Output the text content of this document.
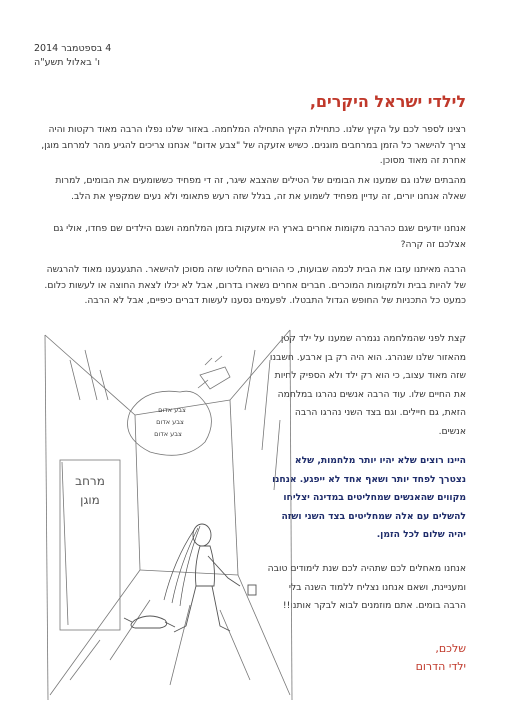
4 בספטמבר 2014
ו' באלול תשע"ה
לילדי ישראל היקרים,
רצינו לספר לכם על הקיץ שלנו. כתחילת הקיץ התחילה המלחמה. באזור שלנו נפלו הרבה מאוד רקטות והיה צריך להישאר כל הזמן במרחבים מוגנים. כשיש אזעקה של "צבע אדום" אנחנו צריכים להגיע מהר למרחב מוגן, אחרת זה מאוד מסוכן.
מהבתים שלנו גם שמענו את הבומים של הטילים שהצבא שיגר, זה די מפחיד כששומעים את הבומים, למרות שאלה אנחנו יורים, זה עדיין מפחיד לשמוע את זה, בגלל שזה רעש פתאומי ולא נעים שמקפיץ את הלב.
אנחנו יודעים שגם כהרבה מקומות אחרים בארץ היו אזעקות בזמן המלחמה ושגם הילדים שם פחדו, אולי גם אצלכם זה קרה?
הרבה מאיתנו עזבו את הבית לכמה שבועות, כי ההורים החליטו שזה מסוכן להישאר. התגעגענו מאוד להרגשה של להיות בבית ולמקומות המוכרים. חברים אחרים נשארו בדרום, אבל לא יכלו לצאת החוצה או לעשות כלום. כמעט כל התכניות של החופש הגדול התבטלו. לפעמים נסענו לעשות דברים כיפיים, אבל לא הרבה.
קצת לפני שהמלחמה נגמרה שמענו על ילד קטן מהאזור שלנו שנהרג. הוא היה רק בן ארבע. חשבנו שזה מאוד עצוב, כי הוא רק ילד ולא הספיק לחיות את החיים שלו. עוד הרבה אנשים נהרגו במלחמה הזאת, גם חיילים. וגם בצד השני נהרגו הרבה אנשים.
היינו רוצים שלא יהיו יותר מלחמות, שלא נצטרך לפחד יותר ושאף אחד לא ייפגע. אנחנו מקווים שהאנשים שמחליטים במדינה יצליחו להשלים עם אלה שמחליטים בצד השני ושזה יהיה שלום לכל הזמן.
אנחנו מאחלים לכם שתהיה לכם שנת לימודים טובה ומעניינת, ושאם אנחנו נצליח ללמוד השנה בלי הרבה בומים. אתם מוזמנים לבוא לבקר אותנו!!
שלכם,
ילדי הדרום
מרחב
מוגן
צבע אדום
צבע אדום
צבע אדום
